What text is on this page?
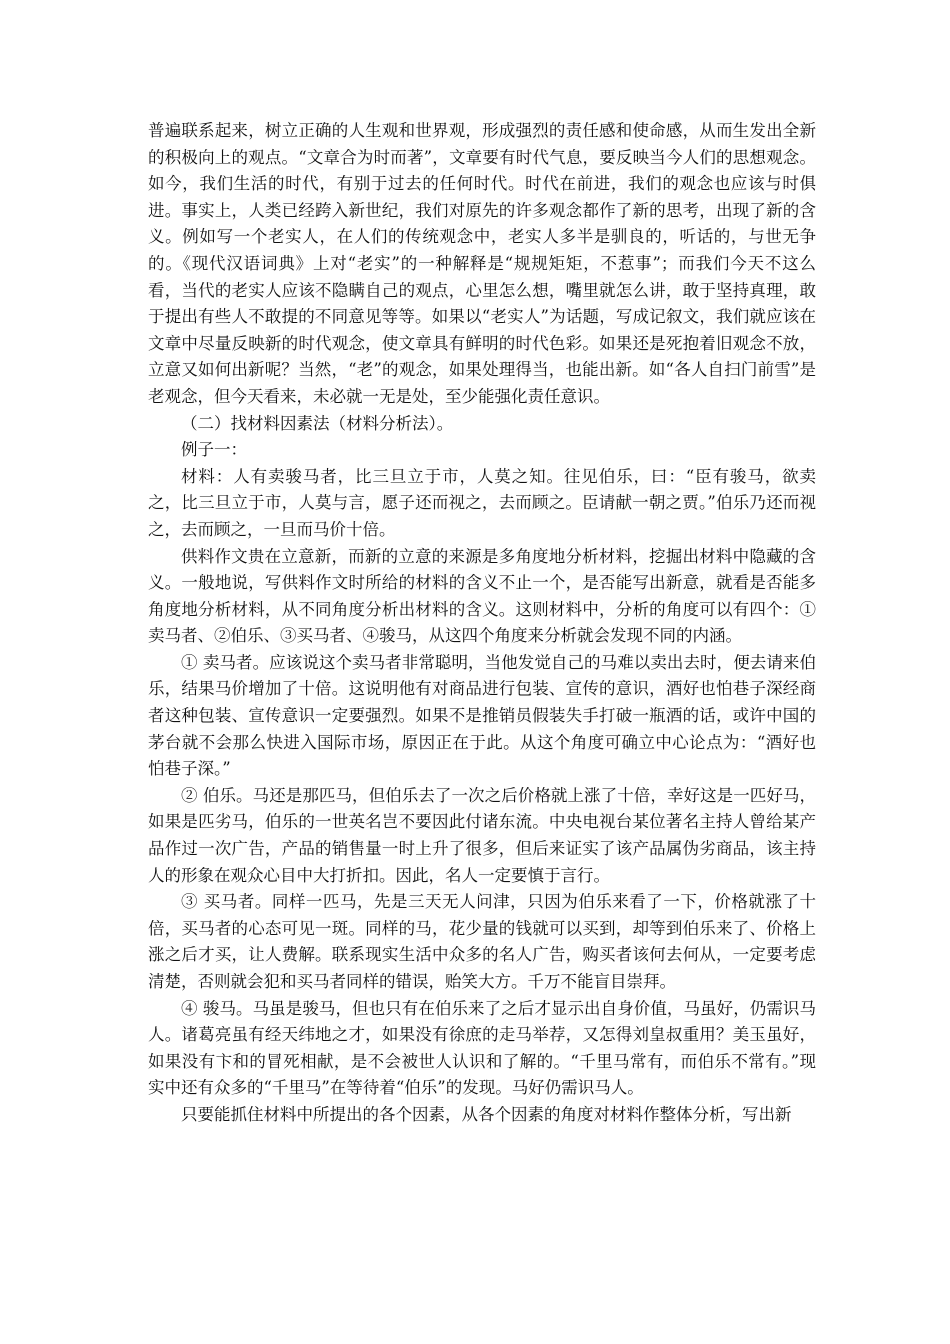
普遍联系起来，树立正确的人生观和世界观，形成强烈的责任感和使命感，从而生发出全新的积极向上的观点。“文章合为时而著”，文章要有时代气息，要反映当今人们的思想观念。如今，我们生活的时代，有别于过去的任何时代。时代在前进，我们的观念也应该与时俱进。事实上，人类已经跨入新世纪，我们对原先的许多观念都作了新的思考，出现了新的含义。例如写一个老实人，在人们的传统观念中，老实人多半是驯良的，听话的，与世无争的。《现代汉语词典》上对“老实”的一种解释是“规规矩矩，不惹事”；而我们今天不这么看，当代的老实人应该不隐瞒自己的观点，心里怎么想，嘴里就怎么讲，敢于坚持真理，敢于提出有些人不敢提的不同意见等等。如果以“老实人”为话题，写成记叙文，我们就应该在文章中尽量反映新的时代观念，使文章具有鲜明的时代色彩。如果还是死抱着旧观念不放，立意又如何出新呢？当然，“老”的观念，如果处理得当，也能出新。如“各人自扫门前雪”是老观念，但今天看来，未必就一无是处，至少能强化责任意识。

（二）找材料因素法（材料分析法）。

例子一：

材料：人有卖骏马者，比三旦立于市，人莫之知。往见伯乐，曰：“臣有骏马，欲卖之，比三旦立于市，人莫与言，愿子还而视之，去而顾之。臣请献一朝之贾。”伯乐乃还而视之，去而顾之，一旦而马价十倍。

供料作文贵在立意新，而新的立意的来源是多角度地分析材料，挖掘出材料中隐藏的含义。一般地说，写供料作文时所给的材料的含义不止一个，是否能写出新意，就看是否能多角度地分析材料，从不同角度分析出材料的含义。这则材料中，分析的角度可以有四个：①卖马者、②伯乐、③买马者、④骏马，从这四个角度来分析就会发现不同的内涵。

① 卖马者。应该说这个卖马者非常聪明，当他发觉自己的马难以卖出去时，便去请来伯乐，结果马价增加了十倍。这说明他有对商品进行包装、宣传的意识，酒好也怕巷子深经商者这种包装、宣传意识一定要强烈。如果不是推销员假装失手打破一瓶酒的话，或许中国的茅台就不会那么快进入国际市场，原因正在于此。从这个角度可确立中心论点为：“酒好也怕巷子深。”

② 伯乐。马还是那匹马，但伯乐去了一次之后价格就上涨了十倍，幸好这是一匹好马，如果是匹劣马，伯乐的一世英名岂不要因此付诸东流。中央电视台某位著名主持人曾给某产品作过一次广告，产品的销售量一时上升了很多，但后来证实了该产品属伪劣商品，该主持人的形象在观众心目中大打折扣。因此，名人一定要慎于言行。

③ 买马者。同样一匹马，先是三天无人问津，只因为伯乐来看了一下，价格就涨了十倍，买马者的心态可见一斑。同样的马，花少量的钱就可以买到，却等到伯乐来了、价格上涨之后才买，让人费解。联系现实生活中众多的名人广告，购买者该何去何从，一定要考虑清楚，否则就会犯和买马者同样的错误，贻笑大方。千万不能盲目崇拜。

④ 骏马。马虽是骏马，但也只有在伯乐来了之后才显示出自身价值，马虽好，仍需识马人。诸葛亮虽有经天纬地之才，如果没有徐庶的走马举荐，又怎得刘皇叔重用？美玉虽好，如果没有卞和的冒死相献，是不会被世人认识和了解的。“千里马常有，而伯乐不常有。”现实中还有众多的“千里马”在等待着“伯乐”的发现。马好仍需识马人。

只要能抓住材料中所提出的各个因素，从各个因素的角度对材料作整体分析，写出新
